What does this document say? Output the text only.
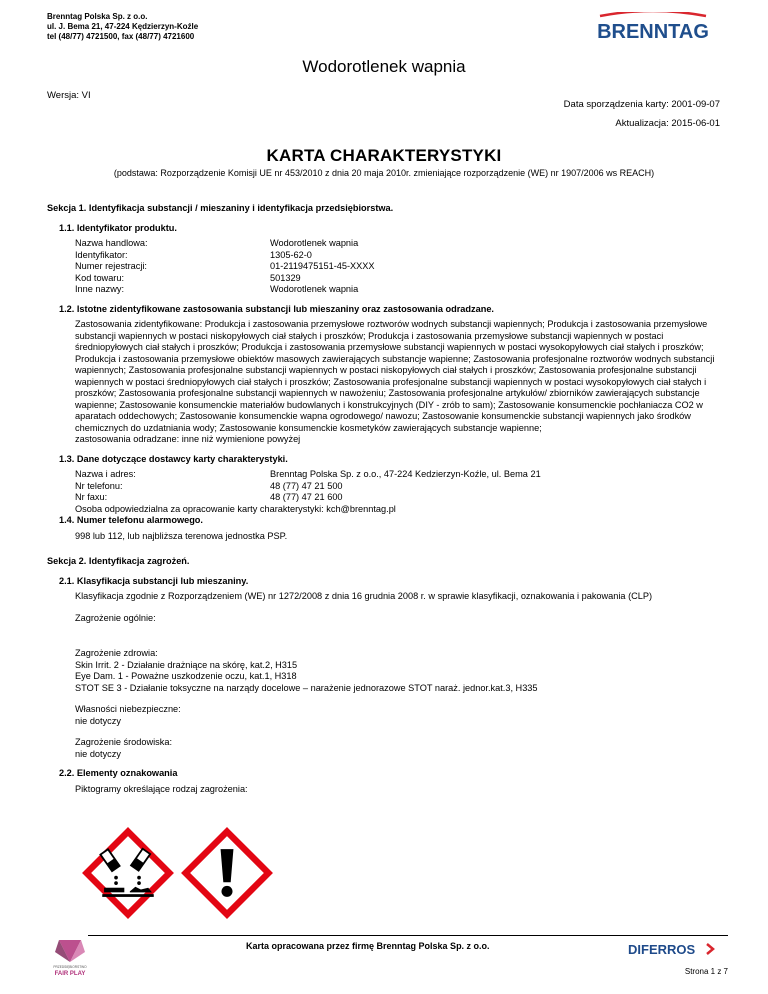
Brenntag Polska Sp. z o.o.
ul. J. Bema 21, 47-224 Kędzierzyn-Koźle
tel (48/77) 4721500, fax (48/77) 4721600	BRENNTAG
Wodorotlenek wapnia
Wersja: VI
Data sporządzenia karty: 2001-09-07
Aktualizacja: 2015-06-01
KARTA CHARAKTERYSTYKI
(podstawa: Rozporządzenie Komisji UE nr 453/2010 z dnia 20 maja 2010r. zmieniające rozporządzenie (WE) nr 1907/2006 ws REACH)
Sekcja 1. Identyfikacja substancji / mieszaniny i identyfikacja przedsiębiorstwa.
1.1. Identyfikator produktu.
Nazwa handlowa:	Wodorotlenek wapnia
Identyfikator:	1305-62-0
Numer rejestracji:	01-2119475151-45-XXXX
Kod towaru:	501329
Inne nazwy:	Wodorotlenek wapnia
1.2. Istotne zidentyfikowane zastosowania substancji lub mieszaniny oraz zastosowania odradzane.
Zastosowania zidentyfikowane: Produkcja i zastosowania przemysłowe roztworów wodnych substancji wapiennych; Produkcja i zastosowania przemysłowe substancji wapiennych w postaci niskopyłowych ciał stałych i proszków; Produkcja i zastosowania przemysłowe substancji wapiennych w postaci średniopyłowych ciał stałych i proszków; Produkcja i zastosowania przemysłowe substancji wapiennych w postaci wysokopyłowych ciał stałych i proszków; Produkcja i zastosowania przemysłowe obiektów masowych zawierających substancje wapienne; Zastosowania profesjonalne roztworów wodnych substancji wapiennych; Zastosowania profesjonalne substancji wapiennych w postaci niskopyłowych ciał stałych i proszków; Zastosowania profesjonalne substancji wapiennych w postaci średniopyłowych ciał stałych i proszków; Zastosowania profesjonalne substancji wapiennych w postaci wysokopyłowych ciał stałych i proszków; Zastosowania profesjonalne substancji wapiennych w nawożeniu; Zastosowania profesjonalne artykułów/ zbiorników zawierających substancje wapienne; Zastosowanie konsumenckie materiałów budowlanych i konstrukcyjnych (DIY - zrób to sam); Zastosowanie konsumenckie pochłaniacza CO2 w aparatach oddechowych; Zastosowanie konsumenckie wapna ogrodowego/ nawozu; Zastosowanie konsumenckie substancji wapiennych jako środków chemicznych do uzdatniania wody; Zastosowanie konsumenckie kosmetyków zawierających substancje wapienne;
zastosowania odradzane: inne niż wymienione powyżej
1.3. Dane dotyczące dostawcy karty charakterystyki.
Nazwa i adres:	Brenntag Polska Sp. z o.o., 47-224 Kedzierzyn-Koźle, ul. Bema 21
Nr telefonu:	48 (77) 47 21 500
Nr faxu:	48 (77) 47 21 600
Osoba odpowiedzialna za opracowanie karty charakterystyki: kch@brenntag.pl
1.4. Numer telefonu alarmowego.
998 lub 112, lub najbliższa terenowa jednostka PSP.
Sekcja 2. Identyfikacja zagrożeń.
2.1. Klasyfikacja substancji lub mieszaniny.
Klasyfikacja zgodnie z Rozporządzeniem (WE) nr 1272/2008 z dnia 16 grudnia 2008 r. w sprawie klasyfikacji, oznakowania i pakowania (CLP)
Zagrożenie ogólnie:
Zagrożenie zdrowia:
Skin Irrit. 2 - Działanie drażniące na skórę, kat.2, H315
Eye Dam. 1 - Poważne uszkodzenie oczu, kat.1, H318
STOT SE 3 - Działanie toksyczne na narządy docelowe – narażenie jednorazowe STOT naraż. jednor.kat.3, H335
Własności niebezpieczne:
nie dotyczy
Zagrożenie środowiska:
nie dotyczy
2.2. Elementy oznakowania
Piktogramy określające rodzaj zagrożenia:
PRZEDSIĘBIORSTWO
FAIR PLAY
Karta opracowana przez firmę Brenntag Polska Sp. z o.o.	DIFERROS
Strona 1 z 7
